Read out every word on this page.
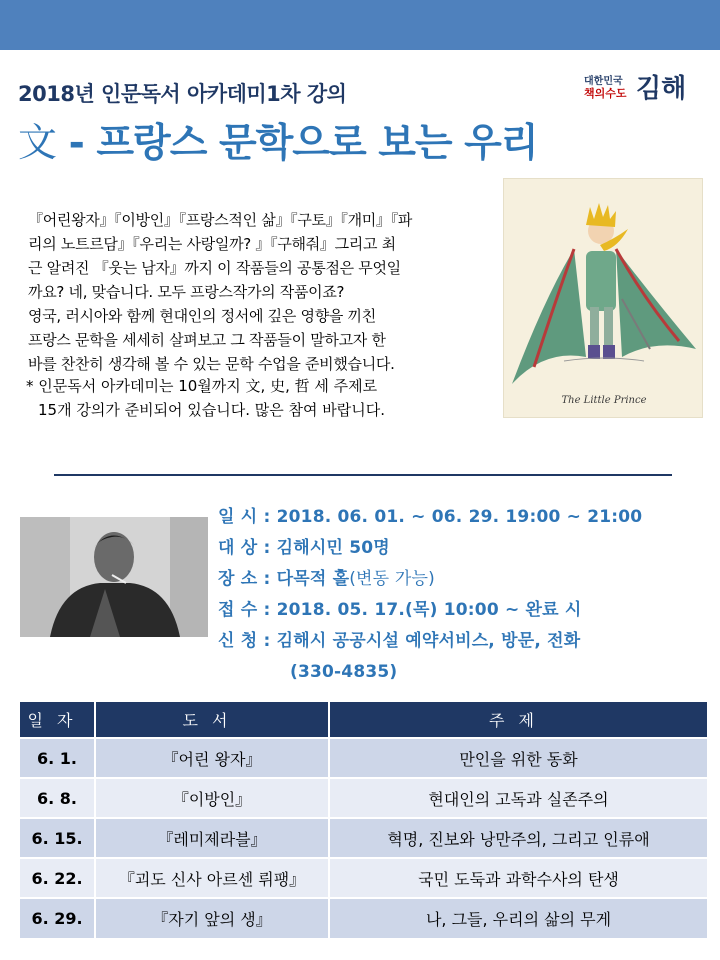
2018년 인문독서 아카데미1차 강의
대한민국
책의수도 김해
文 - 프랑스 문학으로 보는 우리

『어린왕자』『이방인』『프랑스적인 삶』『구토』『개미』『파

리의 노트르담』『우리는 사랑일까? 』『구해줘』그리고 최

근 알려진 『웃는 남자』까지 이 작품들의 공통점은 무엇일

까요? 네, 맞습니다. 모두 프랑스작가의 작품이죠?

영국, 러시아와 함께 현대인의 정서에 깊은 영향을 끼친

프랑스 문학을 세세히 살펴보고 그 작품들이 말하고자 한

바를 찬찬히 생각해 볼 수 있는 문학 수업을 준비했습니다.

* 인문독서 아카데미는 10월까지 文, 史, 哲 세 주제로
15개 강의가 준비되어 있습니다. 많은 참여 바랍니다.
The Little Prince
일 시 : 2018. 06. 01. ~ 06. 29. 19:00 ~ 21:00
대 상 : 김해시민 50명
장 소 : 다목적 홀(변동 가능)
접 수 : 2018. 05. 17.(목) 10:00 ~ 완료 시
신 청 : 김해시 공공시설 예약서비스, 방문, 전화
(330-4835)
일자	도서	주제
6. 1.	『어린 왕자』	만인을 위한 동화
6. 8.	『이방인』	현대인의 고독과 실존주의
6. 15.	『레미제라블』	혁명, 진보와 낭만주의, 그리고 인류애
6. 22.	『괴도 신사 아르센 뤼팽』	국민 도둑과 과학수사의 탄생
6. 29.	『자기 앞의 생』	나, 그들, 우리의 삶의 무게
